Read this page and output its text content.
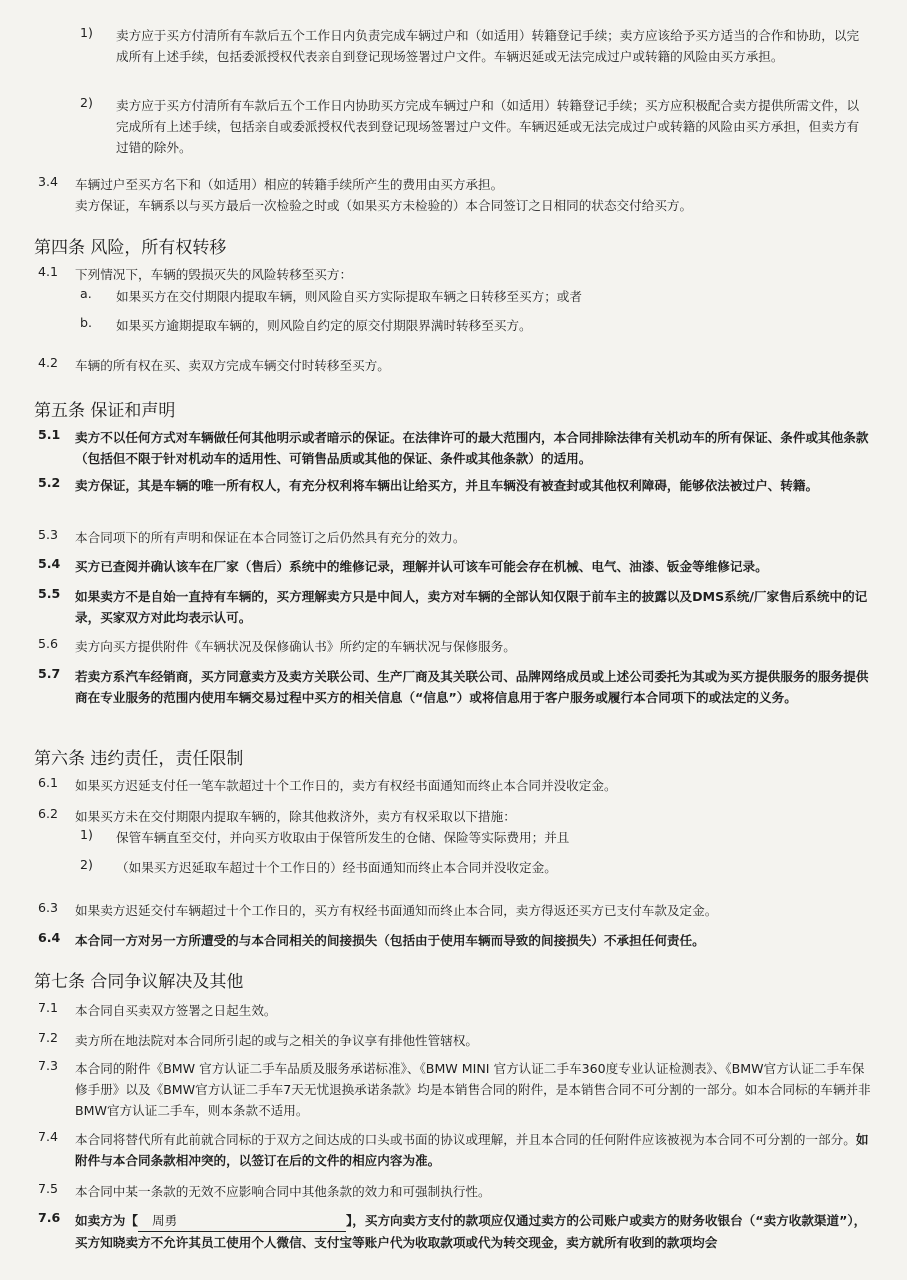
1) 卖方应于买方付清所有车款后五个工作日内负责完成车辆过户和（如适用）转籍登记手续；卖方应该给予买方适当的合作和协助，以完成所有上述手续，包括委派授权代表亲自到登记现场签署过户文件。车辆迟延或无法完成过户或转籍的风险由买方承担。
2) 卖方应于买方付清所有车款后五个工作日内协助买方完成车辆过户和（如适用）转籍登记手续；买方应积极配合卖方提供所需文件，以完成所有上述手续，包括亲自或委派授权代表到登记现场签署过户文件。车辆迟延或无法完成过户或转籍的风险由买方承担，但卖方有过错的除外。
3.4 车辆过户至买方名下和（如适用）相应的转籍手续所产生的费用由买方承担。
卖方保证，车辆系以与买方最后一次检验之时或（如果买方未检验的）本合同签订之日相同的状态交付给买方。
第四条 风险，所有权转移
4.1 下列情况下，车辆的毁损灭失的风险转移至买方：
a. 如果买方在交付期限内提取车辆，则风险自买方实际提取车辆之日转移至买方；或者
b. 如果买方逾期提取车辆的，则风险自约定的原交付期限界满时转移至买方。
4.2 车辆的所有权在买、卖双方完成车辆交付时转移至买方。
第五条 保证和声明
5.1 卖方不以任何方式对车辆做任何其他明示或者暗示的保证。在法律许可的最大范围内，本合同排除法律有关机动车的所有保证、条件或其他条款（包括但不限于针对机动车的适用性、可销售品质或其他的保证、条件或其他条款）的适用。
5.2 卖方保证，其是车辆的唯一所有权人，有充分权利将车辆出让给买方，并且车辆没有被查封或其他权利障碍，能够依法被过户、转籍。
5.3 本合同项下的所有声明和保证在本合同签订之后仍然具有充分的效力。
5.4 买方已查阅并确认该车在厂家（售后）系统中的维修记录，理解并认可该车可能会存在机械、电气、油漆、钣金等维修记录。
5.5 如果卖方不是自始一直持有车辆的，买方理解卖方只是中间人，卖方对车辆的全部认知仅限于前车主的披露以及DMS系统/厂家售后系统中的记录，买家双方对此均表示认可。
5.6 卖方向买方提供附件《车辆状况及保修确认书》所约定的车辆状况与保修服务。
5.7 若卖方系汽车经销商，买方同意卖方及卖方关联公司、生产厂商及其关联公司、品牌网络成员或上述公司委托为其或为买方提供服务的服务提供商在专业服务的范围内使用车辆交易过程中买方的相关信息（“信息”）或将信息用于客户服务或履行本合同项下的或法定的义务。
第六条 违约责任，责任限制
6.1 如果买方迟延支付任一笔车款超过十个工作日的，卖方有权经书面通知而终止本合同并没收定金。
6.2 如果买方未在交付期限内提取车辆的，除其他救济外，卖方有权采取以下措施：
1) 保管车辆直至交付，并向买方收取由于保管所发生的仓储、保险等实际费用；并且
2) （如果买方迟延取车超过十个工作日的）经书面通知而终止本合同并没收定金。
6.3 如果卖方迟延交付车辆超过十个工作日的，买方有权经书面通知而终止本合同，卖方得返还买方已支付车款及定金。
6.4 本合同一方对另一方所遭受的与本合同相关的间接损失（包括由于使用车辆而导致的间接损失）不承担任何责任。
第七条 合同争议解决及其他
7.1 本合同自买卖双方签署之日起生效。
7.2 卖方所在地法院对本合同所引起的或与之相关的争议享有排他性管辖权。
7.3 本合同的附件《BMW 官方认证二手车品质及服务承诺标准》、《BMW MINI 官方认证二手车360度专业认证检测表》、《BMW官方认证二手车保修手册》以及《BMW官方认证二手车7天无忧退换承诺条款》均是本销售合同的附件，是本销售合同不可分割的一部分。如本合同标的车辆并非BMW官方认证二手车，则本条款不适用。
7.4 本合同将替代所有此前就合同标的于双方之间达成的口头或书面的协议或理解，并且本合同的任何附件应该被视为本合同不可分割的一部分。如附件与本合同条款相冲突的，以签订在后的文件的相应内容为准。
7.5 本合同中某一条款的无效不应影响合同中其他条款的效力和可强制执行性。
7.6 如卖方为【 周勇	】，买方向卖方支付的款项应仅通过卖方的公司账户或卖方的财务收银台（“卖方收款渠道”），买方知晓卖方不允许其员工使用个人微信、支付宝等账户代为收取款项或代为转交现金，卖方就所有收到的款项均会
